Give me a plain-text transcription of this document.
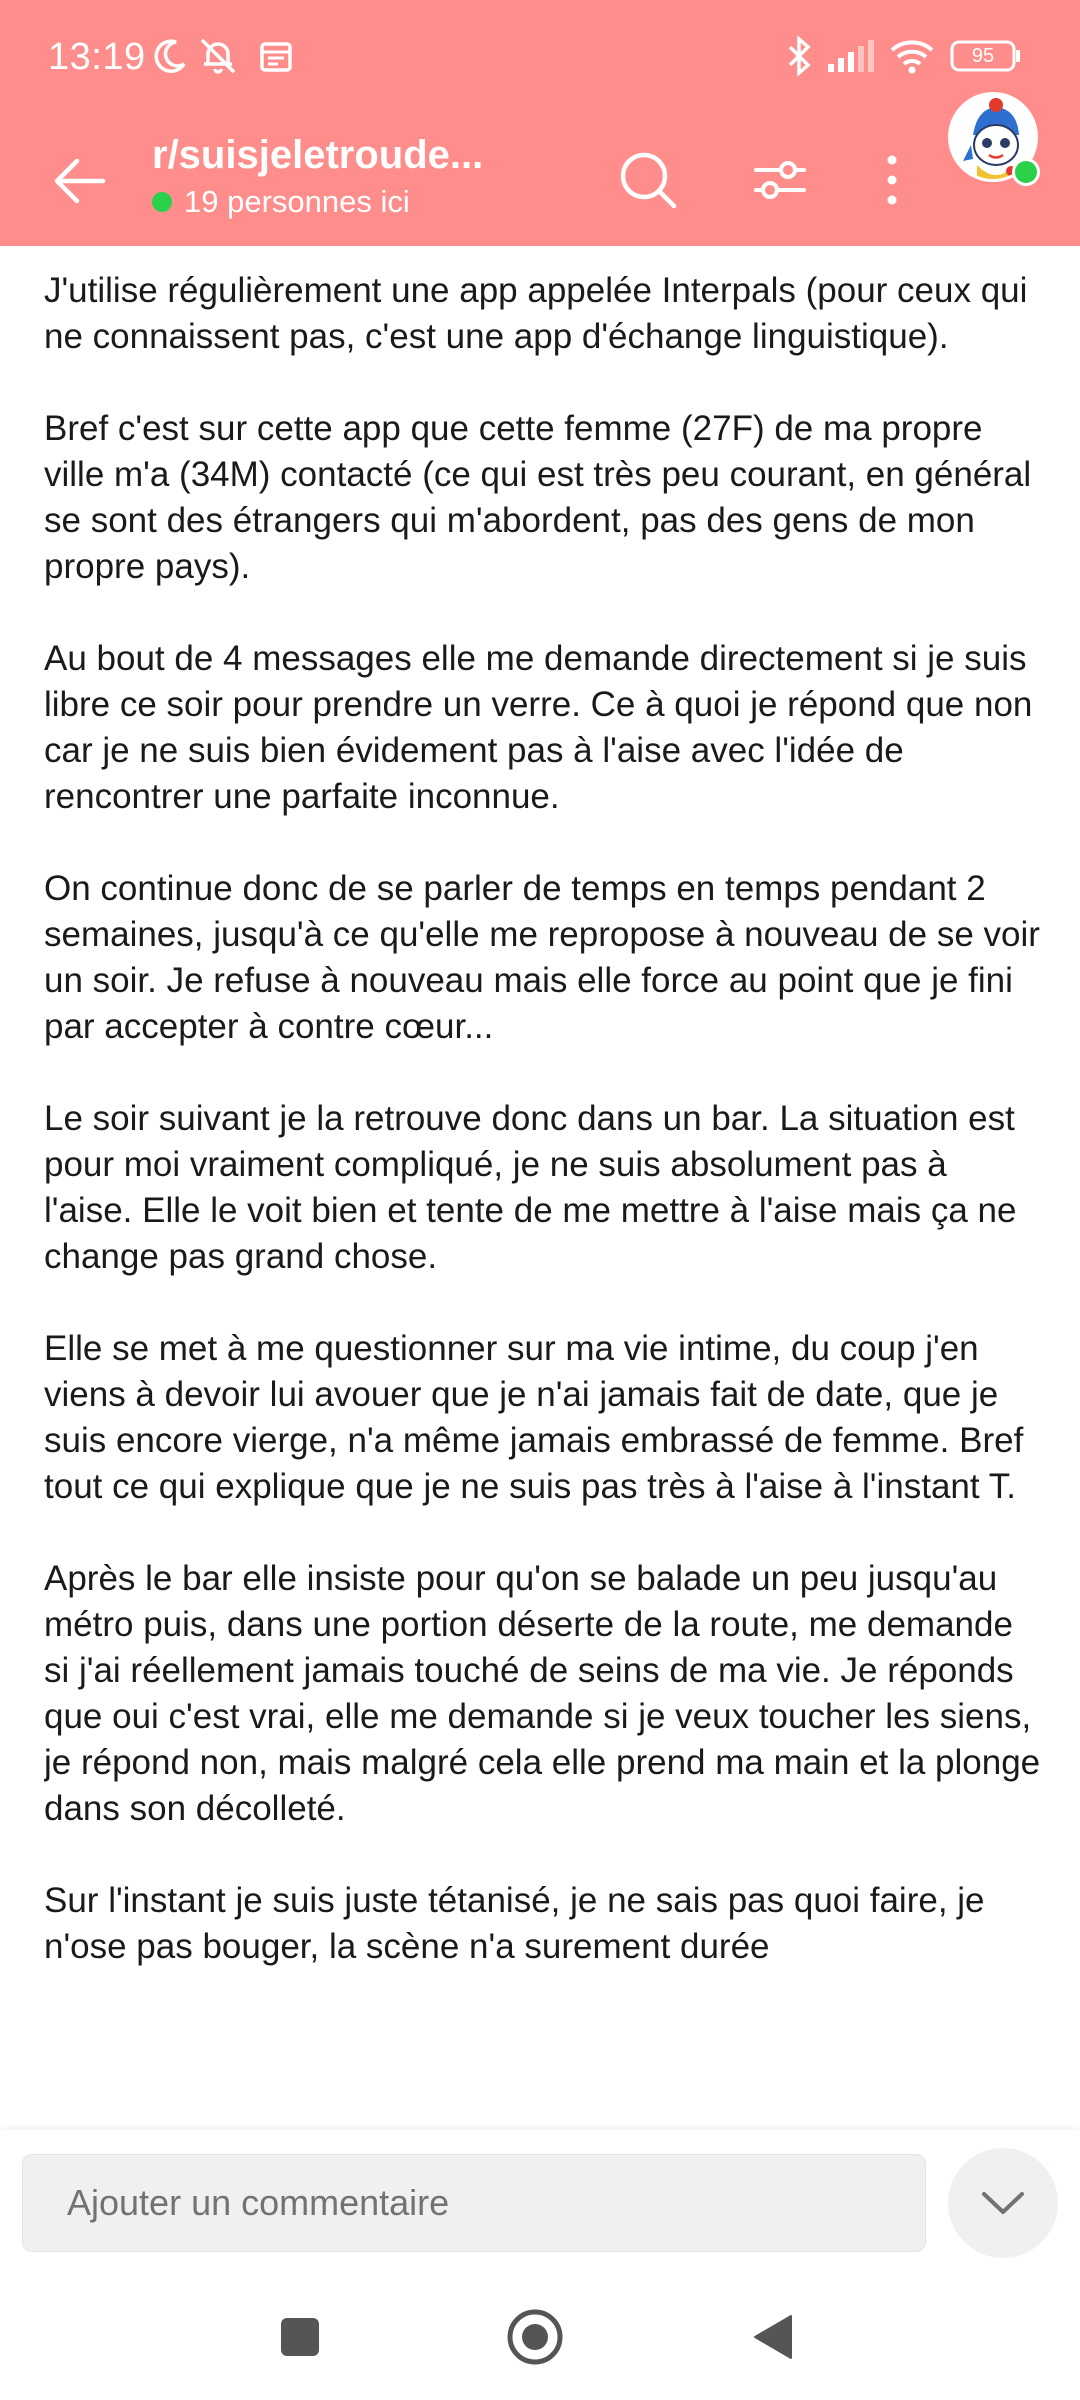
13:19	95
r/suisjeletroude...
19 personnes ici

J'utilise régulièrement une app appelée Interpals (pour ceux qui ne connaissent pas, c'est une app d'échange linguistique).

Bref c'est sur cette app que cette femme (27F) de ma propre ville m'a (34M) contacté (ce qui est très peu courant, en général se sont des étrangers qui m'abordent, pas des gens de mon propre pays).

Au bout de 4 messages elle me demande directement si je suis libre ce soir pour prendre un verre. Ce à quoi je répond que non car je ne suis bien évidement pas à l'aise avec l'idée de rencontrer une parfaite inconnue.

On continue donc de se parler de temps en temps pendant 2 semaines, jusqu'à ce qu'elle me repropose à nouveau de se voir un soir. Je refuse à nouveau mais elle force au point que je fini par accepter à contre cœur...

Le soir suivant je la retrouve donc dans un bar. La situation est pour moi vraiment compliqué, je ne suis absolument pas à l'aise. Elle le voit bien et tente de me mettre à l'aise mais ça ne change pas grand chose.

Elle se met à me questionner sur ma vie intime, du coup j'en viens à devoir lui avouer que je n'ai jamais fait de date, que je suis encore vierge, n'a même jamais embrassé de femme. Bref tout ce qui explique que je ne suis pas très à l'aise à l'instant T.

Après le bar elle insiste pour qu'on se balade un peu jusqu'au métro puis, dans une portion déserte de la route, me demande si j'ai réellement jamais touché de seins de ma vie. Je réponds que oui c'est vrai, elle me demande si je veux toucher les siens, je répond non, mais malgré cela elle prend ma main et la plonge dans son décolleté.

Sur l'instant je suis juste tétanisé, je ne sais pas quoi faire, je n'ose pas bouger, la scène n'a surement durée

Ajouter un commentaire
